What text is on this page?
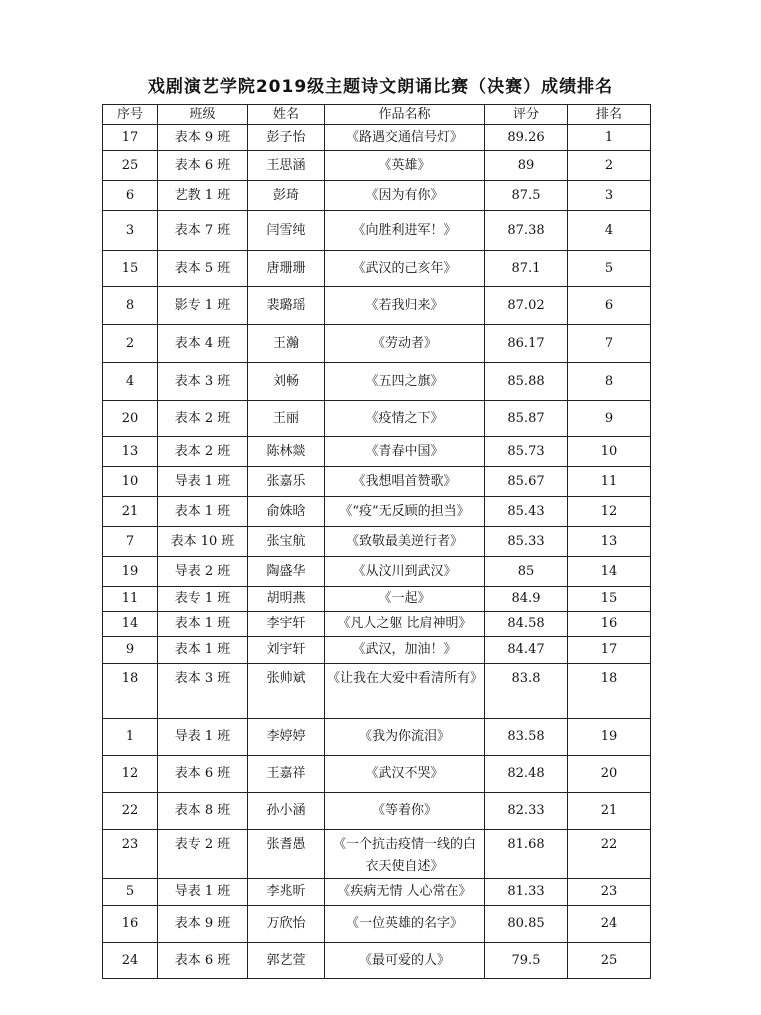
戏剧演艺学院2019级主题诗文朗诵比赛（决赛）成绩排名
序号	班级	姓名	作品名称	评分	排名
17	表本 9 班	彭子怡	《路遇交通信号灯》	89.26	1
25	表本 6 班	王思涵	《英雄》	89	2
6	艺教 1 班	彭琦	《因为有你》	87.5	3
3	表本 7 班	闫雪纯	《向胜利进军！》	87.38	4
15	表本 5 班	唐珊珊	《武汉的己亥年》	87.1	5
8	影专 1 班	裴璐瑶	《若我归来》	87.02	6
2	表本 4 班	王瀚	《劳动者》	86.17	7
4	表本 3 班	刘畅	《五四之旗》	85.88	8
20	表本 2 班	王丽	《疫情之下》	85.87	9
13	表本 2 班	陈林燚	《青春中国》	85.73	10
10	导表 1 班	张嘉乐	《我想唱首赞歌》	85.67	11
21	表本 1 班	俞姝晗	《“疫”无反顾的担当》	85.43	12
7	表本 10 班	张宝航	《致敬最美逆行者》	85.33	13
19	导表 2 班	陶盛华	《从汶川到武汉》	85	14
11	表专 1 班	胡明燕	《一起》	84.9	15
14	表本 1 班	李宇轩	《凡人之躯 比肩神明》	84.58	16
9	表本 1 班	刘宇轩	《武汉，加油！》	84.47	17
18	表本 3 班	张帅斌	《让我在大爱中看清所有》	83.8	18
1	导表 1 班	李婷婷	《我为你流泪》	83.58	19
12	表本 6 班	王嘉祥	《武汉不哭》	82.48	20
22	表本 8 班	孙小涵	《等着你》	82.33	21
23	表专 2 班	张耆愚	《一个抗击疫情一线的白衣天使自述》	81.68	22
5	导表 1 班	李兆昕	《疾病无情 人心常在》	81.33	23
16	表本 9 班	万欣怡	《一位英雄的名字》	80.85	24
24	表本 6 班	郭艺萱	《最可爱的人》	79.5	25
